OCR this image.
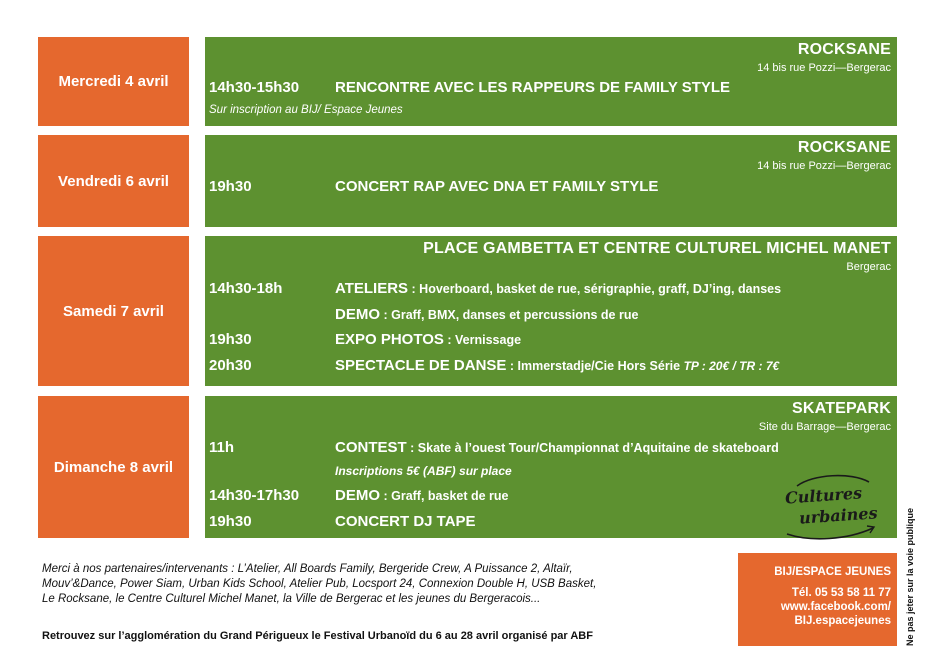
Mercredi 4 avril
ROCKSANE
14 bis rue Pozzi—Bergerac
14h30-15h30 RENCONTRE AVEC LES RAPPEURS DE FAMILY STYLE
Sur inscription au BIJ/ Espace Jeunes
Vendredi 6 avril
ROCKSANE
14 bis rue Pozzi—Bergerac
19h30	CONCERT RAP AVEC DNA ET FAMILY STYLE
Samedi 7 avril
PLACE GAMBETTA ET CENTRE CULTUREL MICHEL MANET
Bergerac
14h30-18h	ATELIERS : Hoverboard, basket de rue, sérigraphie, graff, DJ’ing, danses
DEMO : Graff, BMX, danses et percussions de rue
19h30	EXPO PHOTOS : Vernissage
20h30	SPECTACLE DE DANSE : Immerstadje/Cie Hors Série TP : 20€ / TR : 7€
Dimanche 8 avril
SKATEPARK
Site du Barrage—Bergerac
11h	CONTEST : Skate à l’ouest Tour/Championnat d’Aquitaine de skateboard
Inscriptions 5€ (ABF) sur place
14h30-17h30 DEMO : Graff, basket de rue
19h30	CONCERT DJ TAPE
Cultures
urbaines
Merci à nos partenaires/intervenants : L’Atelier, All Boards Family, Bergeride Crew, A Puissance 2, Altaïr,
Mouv’&Dance, Power Siam, Urban Kids School, Atelier Pub, Locsport 24, Connexion Double H, USB Basket,
Le Rocksane, le Centre Culturel Michel Manet, la Ville de Bergerac et les jeunes du Bergeracois...
Retrouvez sur l’agglomération du Grand Périgueux le Festival Urbanoïd du 6 au 28 avril organisé par ABF
BIJ/ESPACE JEUNES
Tél. 05 53 58 11 77
www.facebook.com/
BIJ.espacejeunes Ne pas jeter sur la voie publique
